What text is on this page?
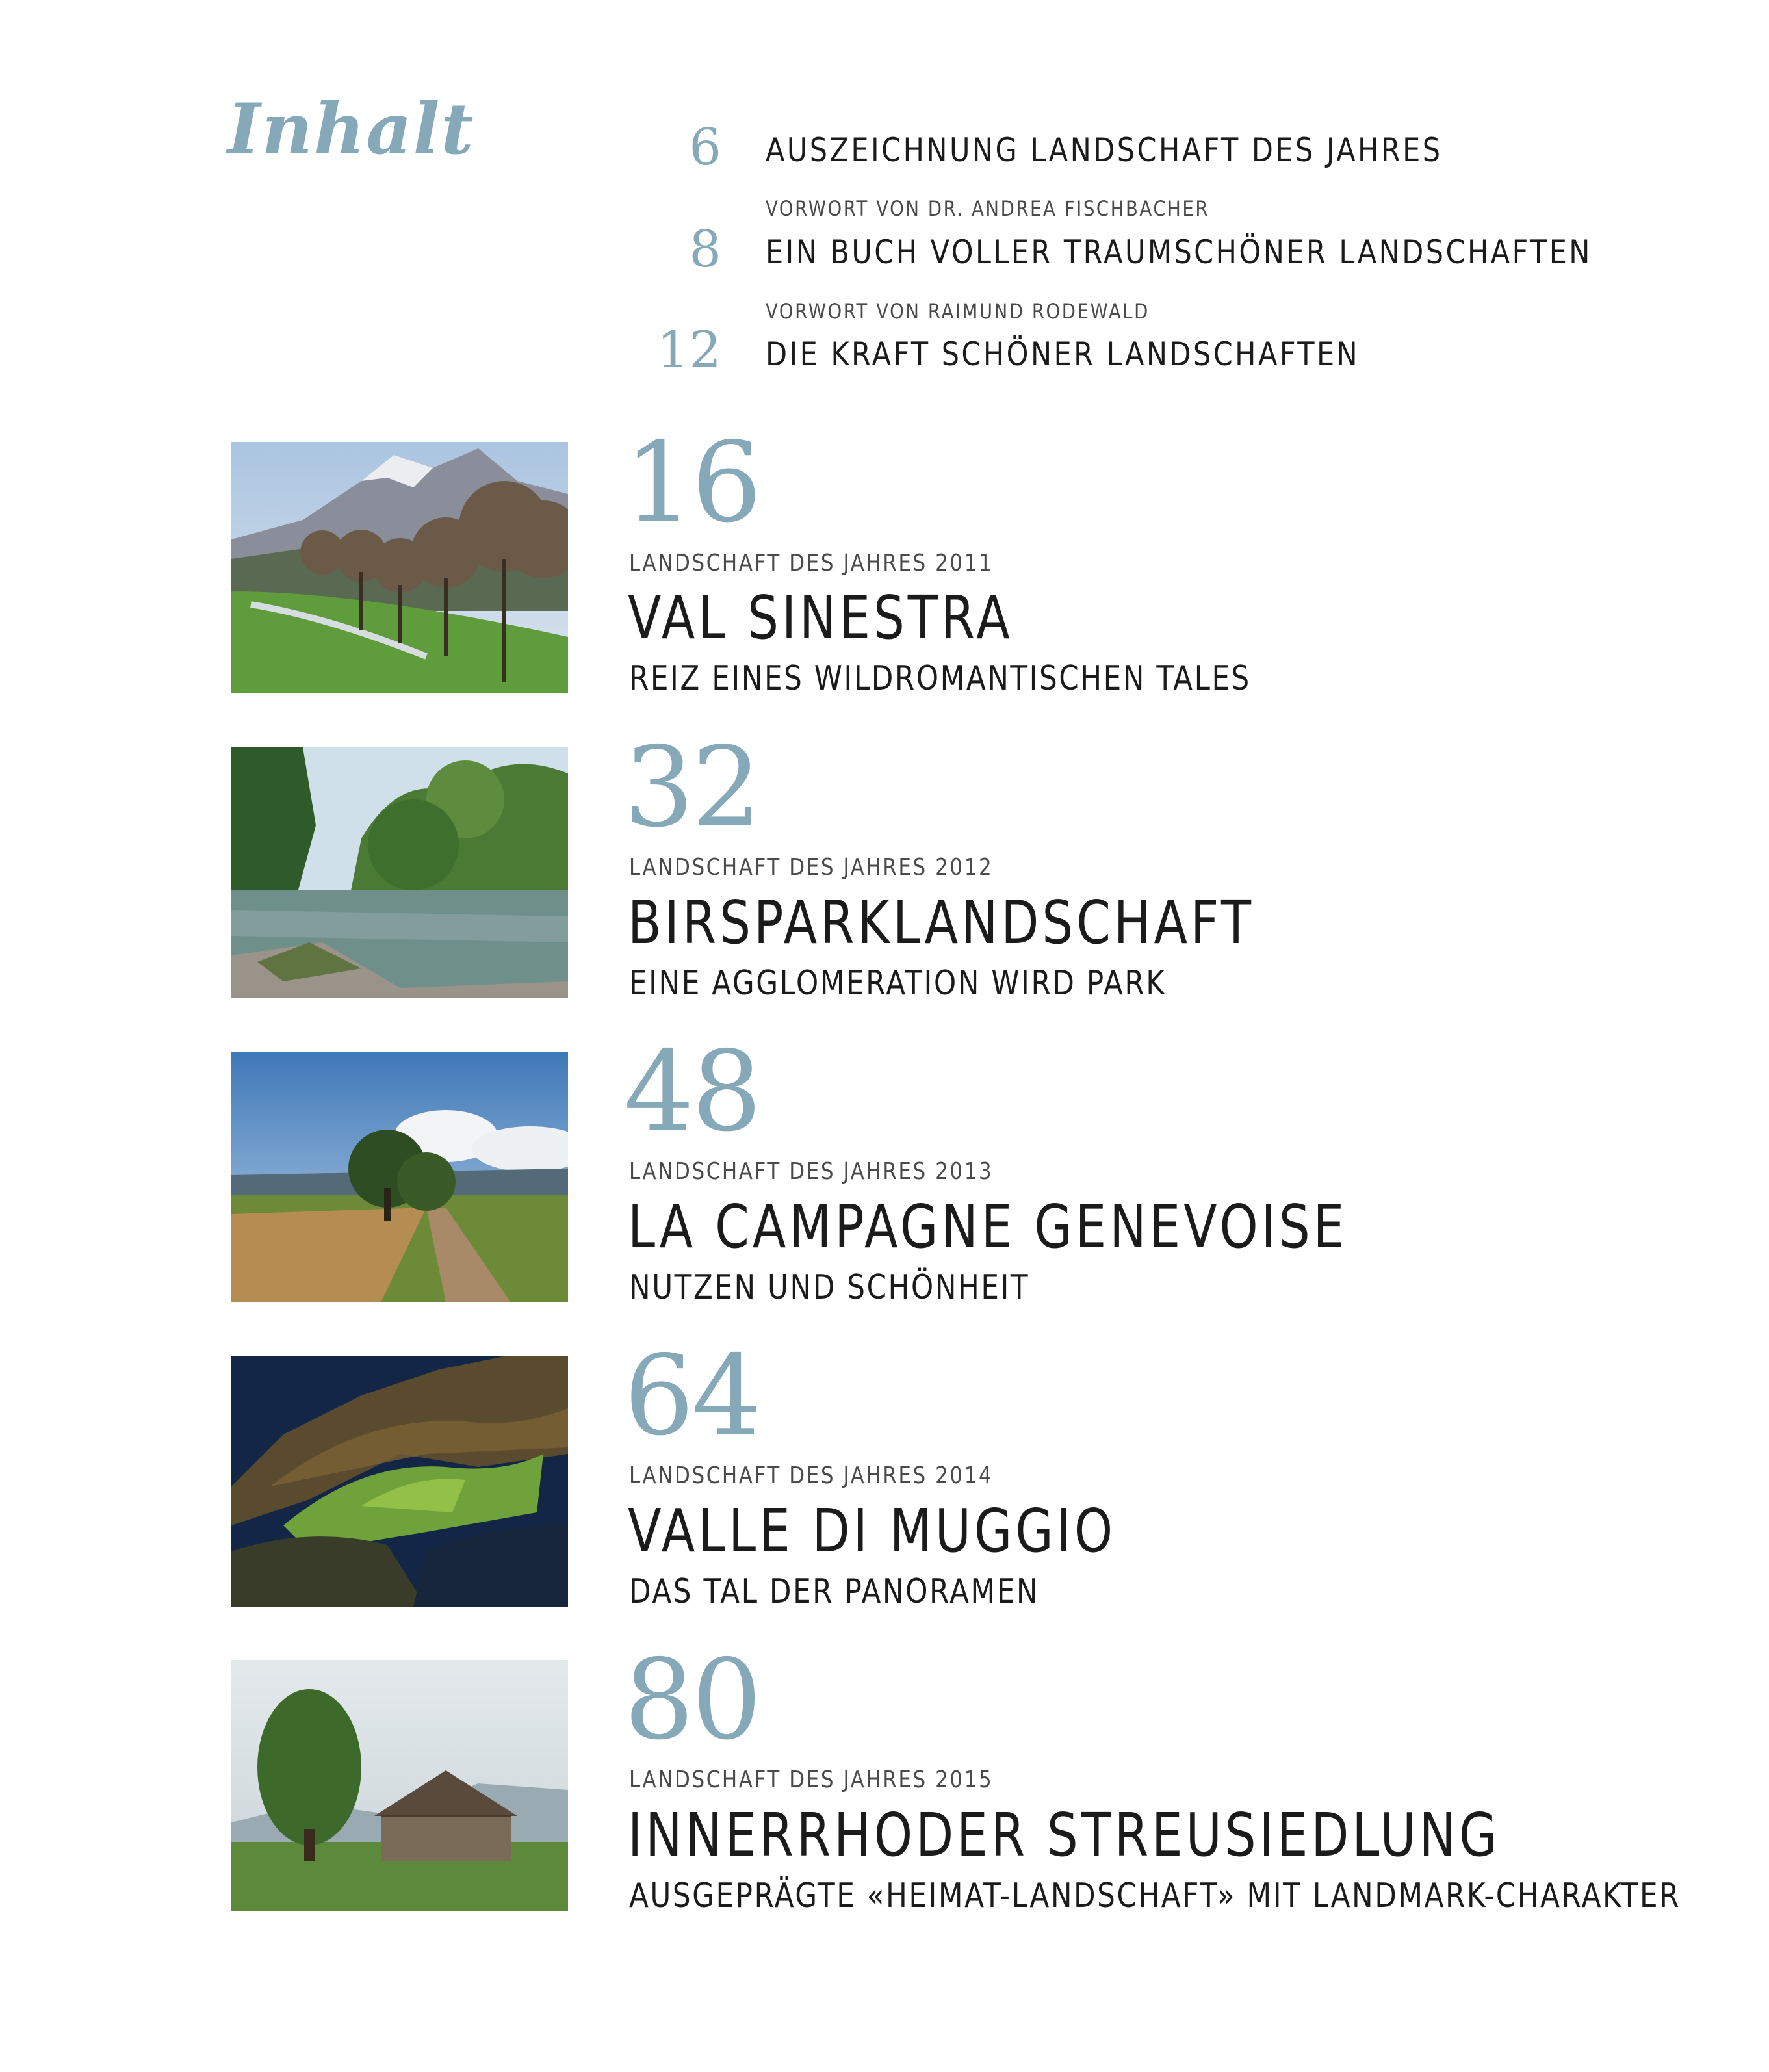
Inhalt	6 AUSZEICHNUNG LANDSCHAFT DES JAHRES
VORWORT VON DR. ANDREA FISCHBACHER
8 EIN BUCH VOLLER TRAUMSCHÖNER LANDSCHAFTEN
VORWORT VON RAIMUND RODEWALD
12 DIE KRAFT SCHÖNER LANDSCHAFTEN
16
LANDSCHAFT DES JAHRES 2011
VAL SINESTRA
REIZ EINES WILDROMANTISCHEN TALES
32
LANDSCHAFT DES JAHRES 2012
BIRSPARKLANDSCHAFT
EINE AGGLOMERATION WIRD PARK
48
LANDSCHAFT DES JAHRES 2013
LA CAMPAGNE GENEVOISE
NUTZEN UND SCHÖNHEIT
64
LANDSCHAFT DES JAHRES 2014
VALLE DI MUGGIO
DAS TAL DER PANORAMEN
80
LANDSCHAFT DES JAHRES 2015
INNERRHODER STREUSIEDLUNG
AUSGEPRÄGTE «HEIMAT-LANDSCHAFT» MIT LANDMARK-CHARAKTER
